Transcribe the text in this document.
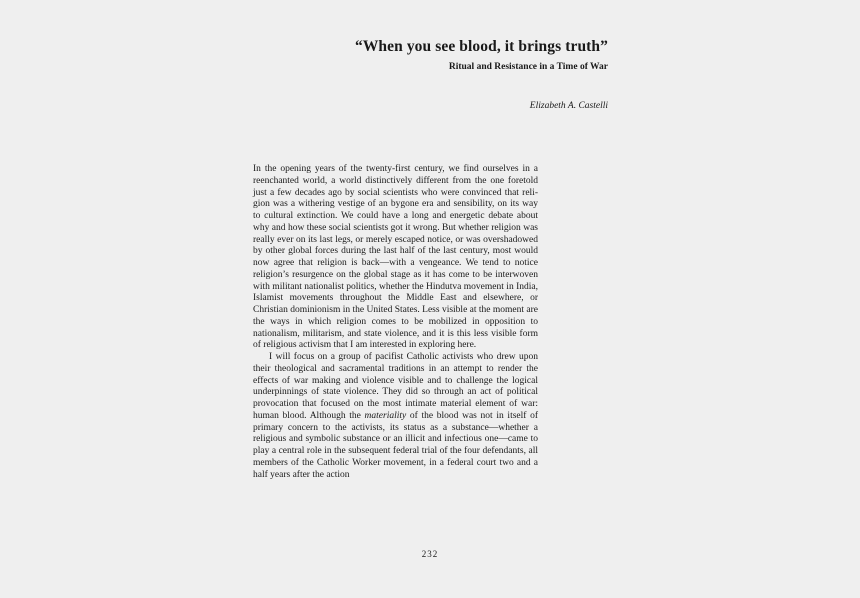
“When you see blood, it brings truth”
Ritual and Resistance in a Time of War
Elizabeth A. Castelli

In the opening years of the twenty-first century, we find ourselves in a reenchanted world, a world distinctively different from the one foretold just a few decades ago by social scientists who were convinced that religion was a withering vestige of an bygone era and sensibility, on its way to cultural extinction. We could have a long and energetic debate about why and how these social scientists got it wrong. But whether religion was really ever on its last legs, or merely escaped notice, or was overshadowed by other global forces during the last half of the last century, most would now agree that religion is back—with a vengeance. We tend to notice religion’s resurgence on the global stage as it has come to be interwoven with militant nationalist politics, whether the Hindutva movement in India, Islamist movements throughout the Middle East and elsewhere, or Christian dominionism in the United States. Less visible at the moment are the ways in which religion comes to be mobilized in opposition to nationalism, militarism, and state violence, and it is this less visible form of religious activism that I am interested in exploring here.

I will focus on a group of pacifist Catholic activists who drew upon their theological and sacramental traditions in an attempt to render the effects of war making and violence visible and to challenge the logical underpinnings of state violence. They did so through an act of political provocation that focused on the most intimate material element of war: human blood. Although the materiality of the blood was not in itself of primary concern to the activists, its status as a substance—whether a religious and symbolic substance or an illicit and infectious one—came to play a central role in the subsequent federal trial of the four defendants, all members of the Catholic Worker movement, in a federal court two and a half years after the action

232
